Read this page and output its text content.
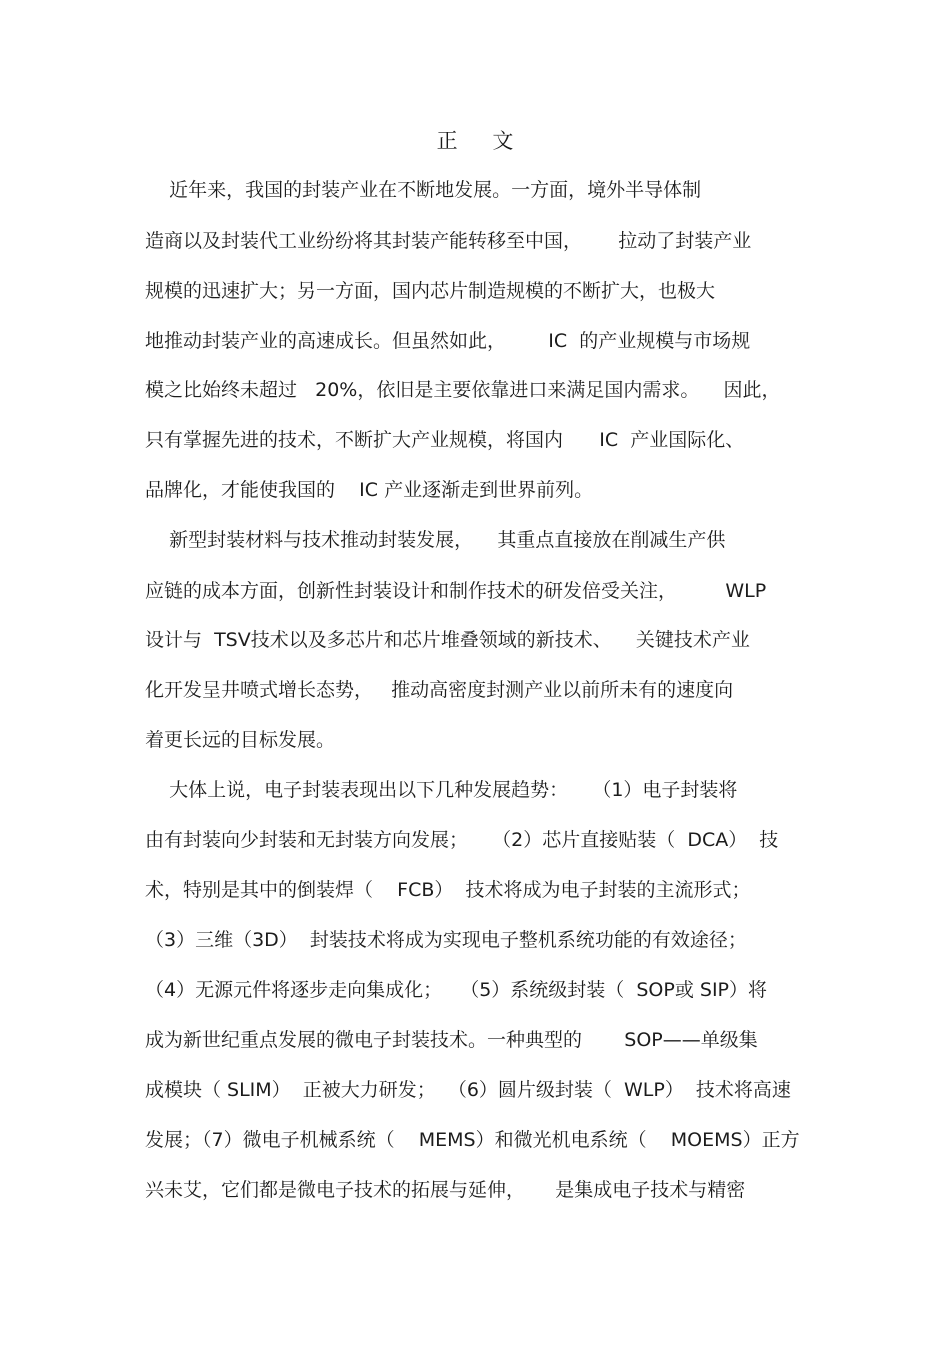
正 文
近年来，我国的封装产业在不断地发展。一方面，境外半导体制
造商以及封装代工业纷纷将其封装产能转移至中国，      拉动了封装产业
规模的迅速扩大；另一方面，国内芯片制造规模的不断扩大，也极大
地推动封装产业的高速成长。但虽然如此，       IC  的产业规模与市场规
模之比始终未超过   20%，依旧是主要依靠进口来满足国内需求。    因此，
只有掌握先进的技术，不断扩大产业规模，将国内      IC  产业国际化、
品牌化，才能使我国的    IC 产业逐渐走到世界前列。
新型封装材料与技术推动封装发展，    其重点直接放在削减生产供
应链的成本方面，创新性封装设计和制作技术的研发倍受关注，        WLP
设计与  TSV技术以及多芯片和芯片堆叠领域的新技术、    关键技术产业
化开发呈井喷式增长态势，   推动高密度封测产业以前所未有的速度向
着更长远的目标发展。
大体上说，电子封装表现出以下几种发展趋势：    （1）电子封装将
由有封装向少封装和无封装方向发展；    （2）芯片直接贴装（  DCA）  技
术，特别是其中的倒装焊（    FCB）  技术将成为电子封装的主流形式；
（3）三维（3D）  封装技术将成为实现电子整机系统功能的有效途径；
（4）无源元件将逐步走向集成化；   （5）系统级封装（  SOP或 SIP）将
成为新世纪重点发展的微电子封装技术。一种典型的       SOP——单级集
成模块（ SLIM）  正被大力研发；  （6）圆片级封装（  WLP）  技术将高速
发展；（7）微电子机械系统（    MEMS）和微光机电系统（    MOEMS）正方
兴未艾，它们都是微电子技术的拓展与延伸，     是集成电子技术与精密
